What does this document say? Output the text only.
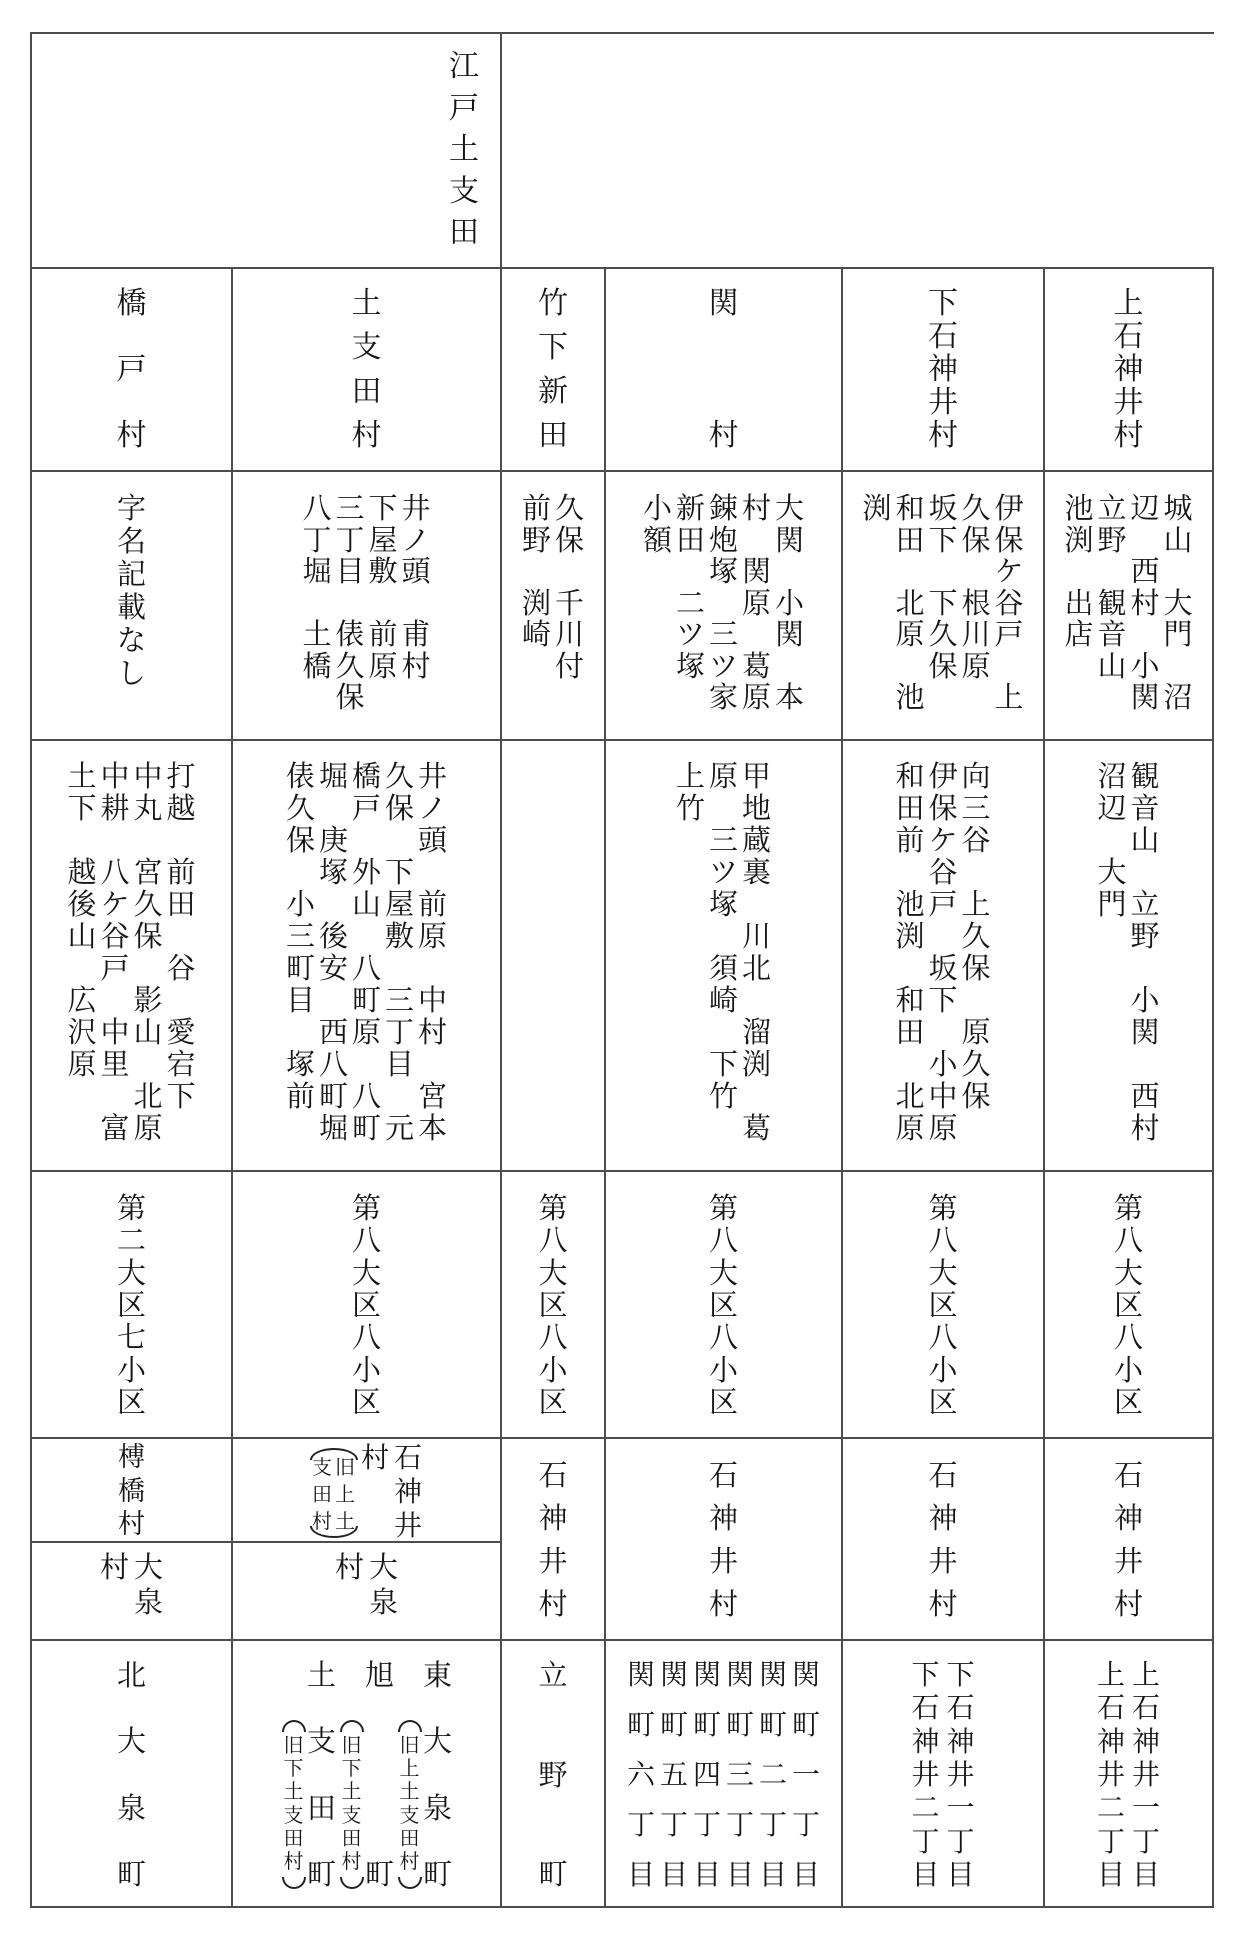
江
戸
土
支
田
橋
戸
村
土
支
田
村
竹
下
新
田
関
村
下
石
神
井
村
上
石
神
井
村
字
名
記
載
な
し
井
ノ
頭

甫
村
下
屋
敷

前
原
三
丁
目

俵
久
保
八
丁
堀

土
橋
久
保

千
川
付
前
野

渕
崎
大
関

小
関

本
村

関
原

葛
原
鋉
炮
塚

三
ツ
家
新
田

二
ツ
塚
小
額
伊
保
ケ
谷
戸

上
久
保

根
川
原
坂
下

下
久
保
和
田

北
原

池
渕	城
山

大
門

沼
辺

西
村

小
関
立
野

観
音
山
池
渕

出
店
打
越

前
田

谷

愛
宕
下
中
丸

宮
久
保

影
山

北
原
中
耕

八
ケ
谷
戸

中
里

富
土
下

越
後
山

広
沢
原
井
ノ
頭

前
原

中
村

宮
本
久
保

下
屋
敷

三
丁
目

元
橋
戸

外
山

八
町
原

八
町
堀

庚
塚

後
安

西
八
町
堀
俵
久
保

小
三
町
目

塚
前
甲
地
蔵
裏

川
北

溜
渕

葛
原

三
ツ
塚

須
崎

下
竹
上
竹
向
三
谷

上
久
保

原
久
保
伊
保
ケ
谷
戸

坂
下

小
中
原
和
田
前

池
渕

和
田

北
原
観
音
山

立
野

小
関

西
村
沼
辺

大
門
第
二
大
区
七
小
区
第
八
大
区
八
小
区
第
八
大
区
八
小
区
第
八
大
区
八
小
区
第
八
大
区
八
小
区
第
八
大
区
八
小
区
榑
橋
村
大
泉
村
石
神
井
村
旧
上
土
支
田
村
大
泉
村
石
神
井
村
石
神
井
村
石
神
井
村
石
神
井
村
北
大
泉
町
東
大
泉
町
旧
上
土
支
田
村
旭
町
旧
下
土
支
田
村
土
支
田
町
旧
下
土
支
田
村
立
野
町
関
町
一
丁
目
関
町
二
丁
目
関
町
三
丁
目
関
町
四
丁
目
関
町
五
丁
目
関
町
六
丁
目
下
石
神
井
一
丁
目
下
石
神
井
二
丁
目
上
石
神
井
一
丁
目
上
石
神
井
二
丁
目
